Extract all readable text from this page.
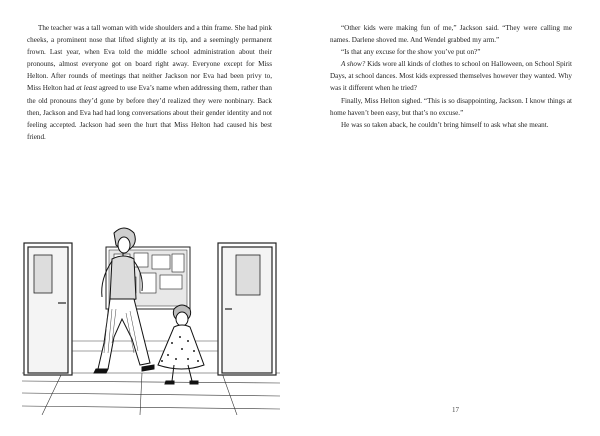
The teacher was a tall woman with wide shoulders and a thin frame. She had pink cheeks, a prominent nose that lifted slightly at its tip, and a seemingly permanent frown. Last year, when Eva told the middle school administration about their pronouns, almost everyone got on board right away. Everyone except for Miss Helton. After rounds of meetings that neither Jackson nor Eva had been privy to, Miss Helton had at least agreed to use Eva’s name when addressing them, rather than the old pronouns they’d gone by before they’d realized they were nonbinary. Back then, Jackson and Eva had had long conversations about their gender identity and not feeling accepted. Jackson had seen the hurt that Miss Helton had caused his best friend.

“Other kids were making fun of me,” Jackson said. “They were calling me names. Darlene shoved me. And Wendel grabbed my arm.”

“Is that any excuse for the show you’ve put on?”

A show? Kids wore all kinds of clothes to school on Halloween, on School Spirit Days, at school dances. Most kids expressed themselves however they wanted. Why was it different when he tried?

Finally, Miss Helton sighed. “This is so disappointing, Jackson. I know things at home haven’t been easy, but that’s no excuse.”

He was so taken aback, he couldn’t bring himself to ask what she meant.

17
